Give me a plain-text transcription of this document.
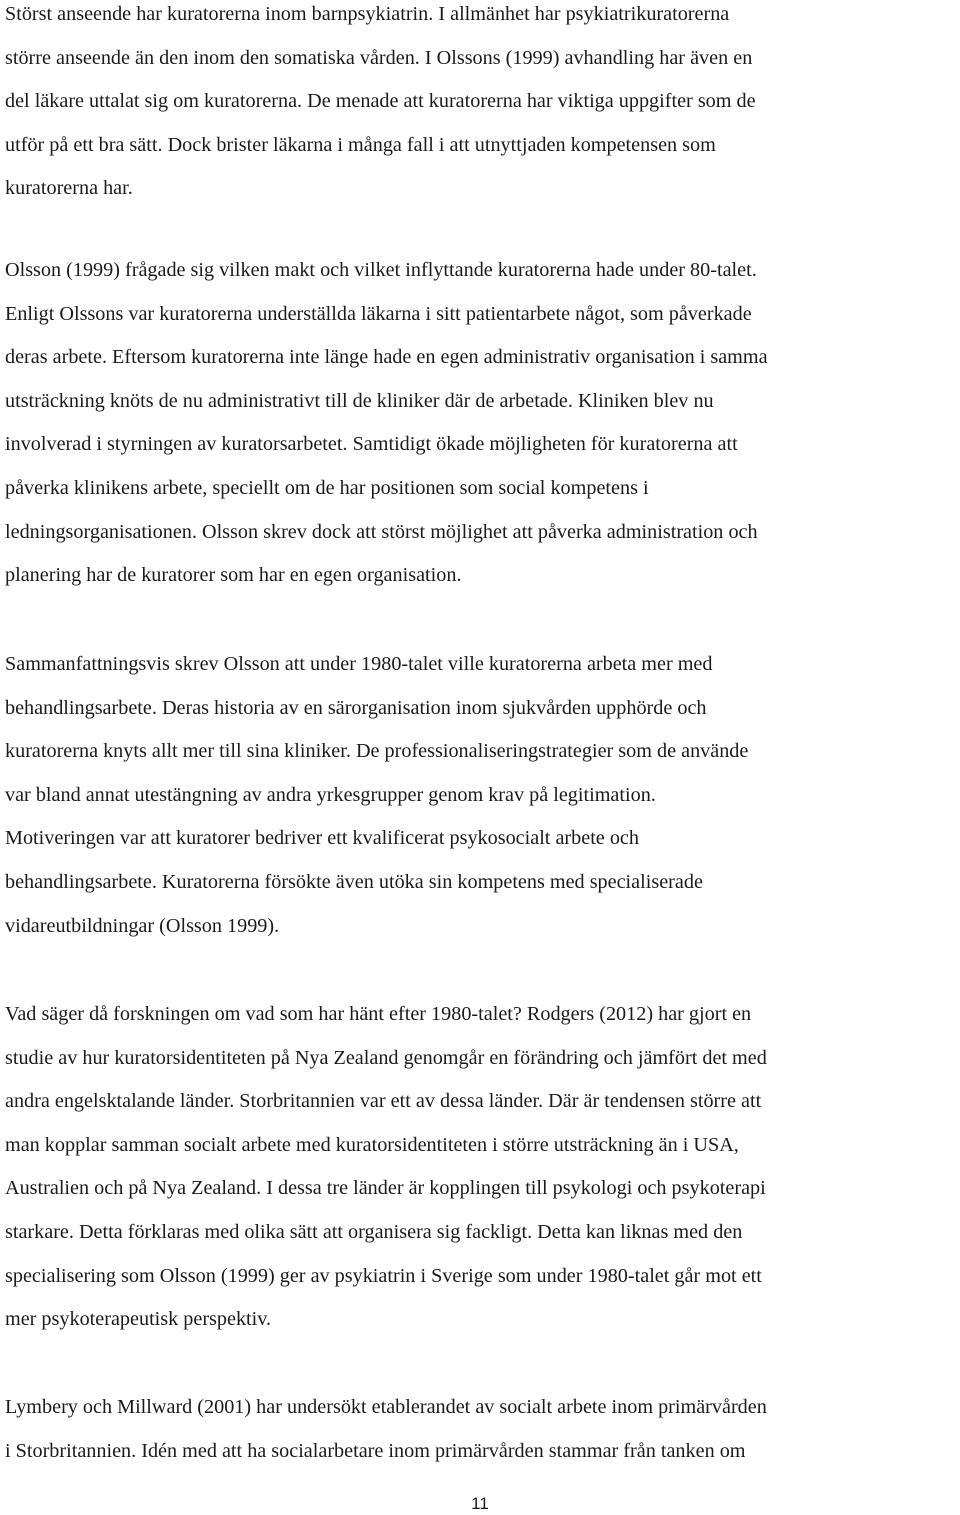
Störst anseende har kuratorerna inom barnpsykiatrin. I allmänhet har psykiatrikuratorerna
större anseende än den inom den somatiska vården. I Olssons (1999) avhandling har även en
del läkare uttalat sig om kuratorerna. De menade att kuratorerna har viktiga uppgifter som de
utför på ett bra sätt. Dock brister läkarna i många fall i att utnyttjaden kompetensen som
kuratorerna har.

Olsson (1999) frågade sig vilken makt och vilket inflyttande kuratorerna hade under 80-talet.
Enligt Olssons var kuratorerna underställda läkarna i sitt patientarbete något, som påverkade
deras arbete. Eftersom kuratorerna inte länge hade en egen administrativ organisation i samma
utsträckning knöts de nu administrativt till de kliniker där de arbetade. Kliniken blev nu
involverad i styrningen av kuratorsarbetet. Samtidigt ökade möjligheten för kuratorerna att
påverka klinikens arbete, speciellt om de har positionen som social kompetens i
ledningsorganisationen. Olsson skrev dock att störst möjlighet att påverka administration och
planering har de kuratorer som har en egen organisation.

Sammanfattningsvis skrev Olsson att under 1980-talet ville kuratorerna arbeta mer med
behandlingsarbete. Deras historia av en särorganisation inom sjukvården upphörde och
kuratorerna knyts allt mer till sina kliniker. De professionaliseringstrategier som de använde
var bland annat utestängning av andra yrkesgrupper genom krav på legitimation.
Motiveringen var att kuratorer bedriver ett kvalificerat psykosocialt arbete och
behandlingsarbete. Kuratorerna försökte även utöka sin kompetens med specialiserade
vidareutbildningar (Olsson 1999).

Vad säger då forskningen om vad som har hänt efter 1980-talet? Rodgers (2012) har gjort en
studie av hur kuratorsidentiteten på Nya Zealand genomgår en förändring och jämfört det med
andra engelsktalande länder. Storbritannien var ett av dessa länder. Där är tendensen större att
man kopplar samman socialt arbete med kuratorsidentiteten i större utsträckning än i USA,
Australien och på Nya Zealand. I dessa tre länder är kopplingen till psykologi och psykoterapi
starkare. Detta förklaras med olika sätt att organisera sig fackligt. Detta kan liknas med den
specialisering som Olsson (1999) ger av psykiatrin i Sverige som under 1980-talet går mot ett
mer psykoterapeutisk perspektiv.

Lymbery och Millward (2001) har undersökt etablerandet av socialt arbete inom primärvården
i Storbritannien. Idén med att ha socialarbetare inom primärvården stammar från tanken om

11
